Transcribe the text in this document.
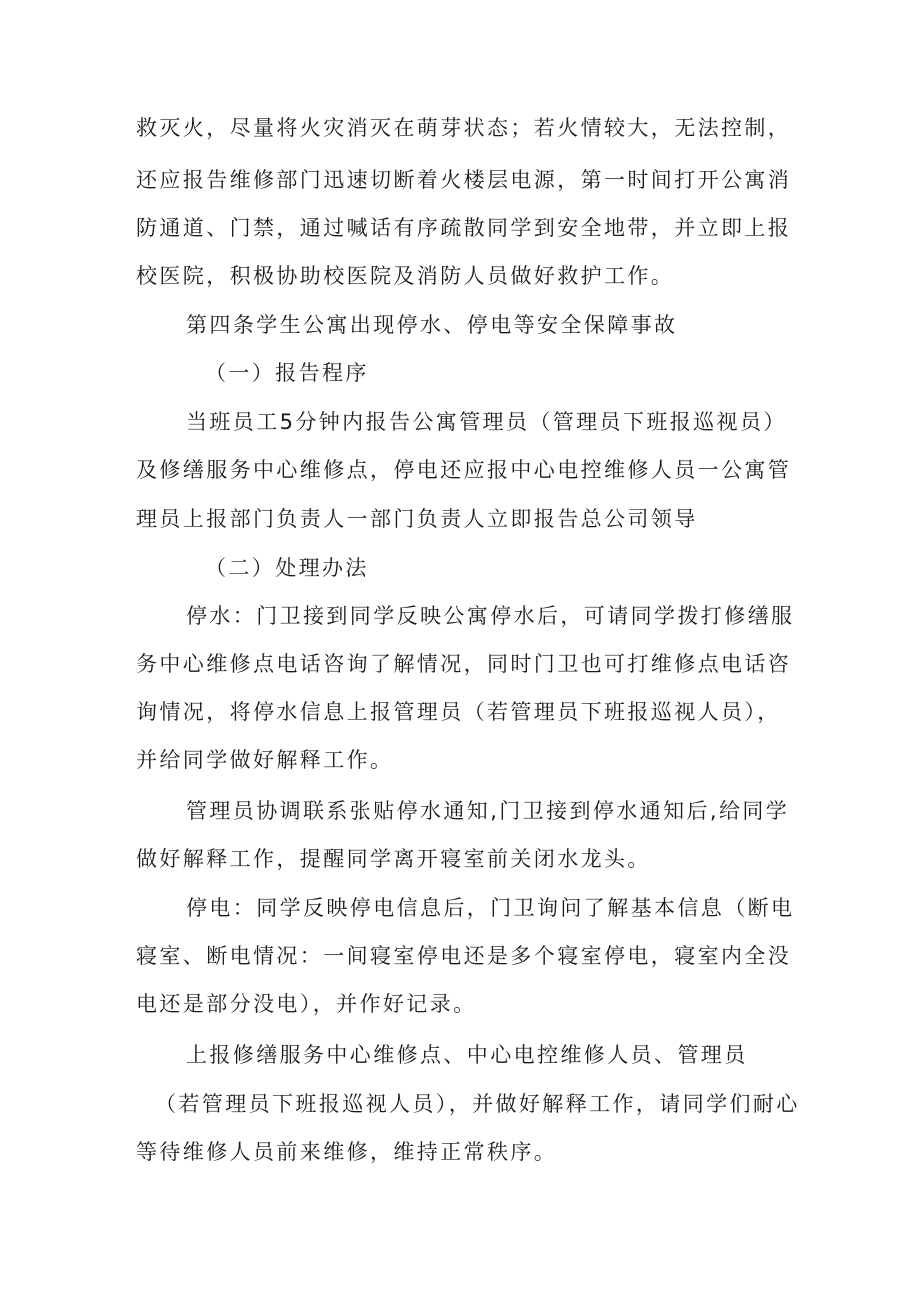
救灭火，尽量将火灾消灭在萌芽状态；若火情较大，无法控制，
还应报告维修部门迅速切断着火楼层电源，第一时间打开公寓消
防通道、门禁，通过喊话有序疏散同学到安全地带，并立即上报
校医院，积极协助校医院及消防人员做好救护工作。
第四条学生公寓出现停水、停电等安全保障事故
（一）报告程序
当班员工5分钟内报告公寓管理员（管理员下班报巡视员）
及修缮服务中心维修点，停电还应报中心电控维修人员一公寓管
理员上报部门负责人一部门负责人立即报告总公司领导
（二）处理办法
停水：门卫接到同学反映公寓停水后，可请同学拨打修缮服
务中心维修点电话咨询了解情况，同时门卫也可打维修点电话咨
询情况，将停水信息上报管理员（若管理员下班报巡视人员），
并给同学做好解释工作。
管理员协调联系张贴停水通知,门卫接到停水通知后,给同学
做好解释工作，提醒同学离开寝室前关闭水龙头。
停电：同学反映停电信息后，门卫询问了解基本信息（断电
寝室、断电情况：一间寝室停电还是多个寝室停电，寝室内全没
电还是部分没电），并作好记录。
上报修缮服务中心维修点、中心电控维修人员、管理员
（若管理员下班报巡视人员），并做好解释工作，请同学们耐心
等待维修人员前来维修，维持正常秩序。
